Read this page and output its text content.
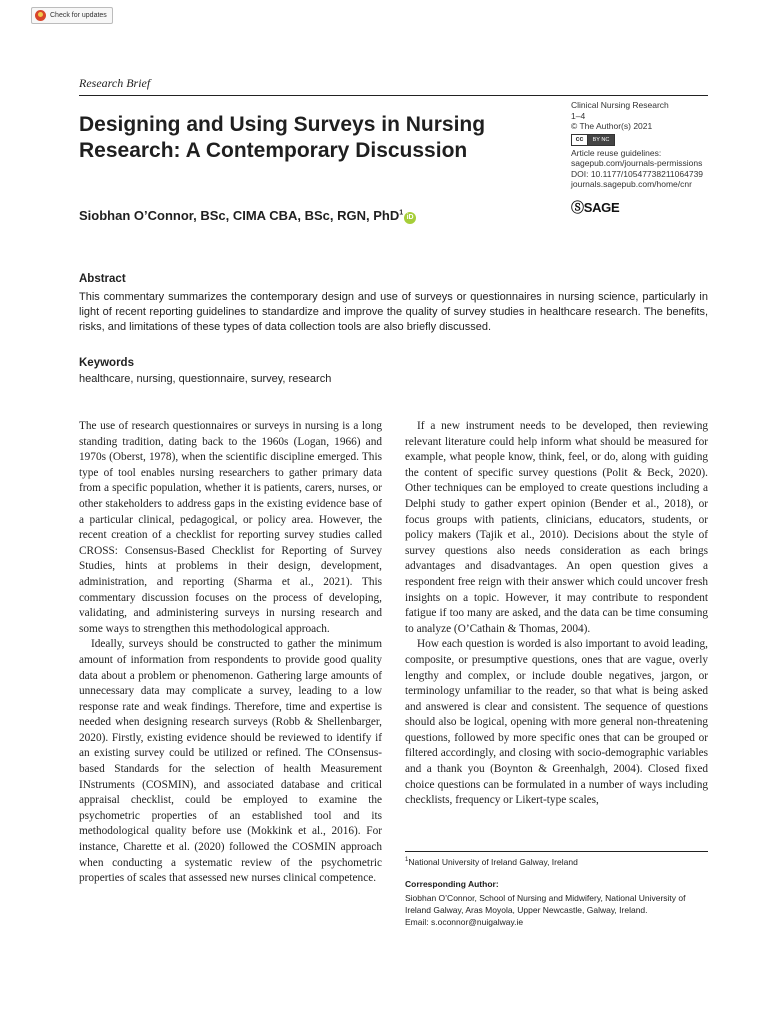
Check for updates
Research Brief
Designing and Using Surveys in Nursing Research: A Contemporary Discussion
Siobhan O’Connor, BSc, CIMA CBA, BSc, RGN, PhD$^1$iD
Clinical Nursing Research
1–4
© The Author(s) 2021
cc	BY NC
Article reuse guidelines:
sagepub.com/journals-permissions
DOI: 10.1177/10547738211064739
journals.sagepub.com/home/cnr
ⓈSAGE
Abstract
This commentary summarizes the contemporary design and use of surveys or questionnaires in nursing science, particularly in light of recent reporting guidelines to standardize and improve the quality of survey studies in healthcare research. The benefits, risks, and limitations of these types of data collection tools are also briefly discussed.
Keywords
healthcare, nursing, questionnaire, survey, research

The use of research questionnaires or surveys in nursing is a long standing tradition, dating back to the 1960s (Logan, 1966) and 1970s (Oberst, 1978), when the scientific discipline emerged. This type of tool enables nursing researchers to gather primary data from a specific population, whether it is patients, carers, nurses, or other stakeholders to address gaps in the existing evidence base of a particular clinical, pedagogical, or policy area. However, the recent creation of a checklist for reporting survey studies called CROSS: Consensus-Based Checklist for Reporting of Survey Studies, hints at problems in their design, development, administration, and reporting (Sharma et al., 2021). This commentary discussion focuses on the process of developing, validating, and administering surveys in nursing research and some ways to strengthen this methodological approach.

Ideally, surveys should be constructed to gather the minimum amount of information from respondents to provide good quality data about a problem or phenomenon. Gathering large amounts of unnecessary data may complicate a survey, leading to a low response rate and weak findings. Therefore, time and expertise is needed when designing research surveys (Robb & Shellenbarger, 2020). Firstly, existing evidence should be reviewed to identify if an existing survey could be utilized or refined. The COnsensus-based Standards for the selection of health Measurement INstruments (COSMIN), and associated database and critical appraisal checklist, could be employed to examine the psychometric properties of an established tool and its methodological quality before use (Mokkink et al., 2016). For instance, Charette et al. (2020) followed the COSMIN approach when conducting a systematic review of the psychometric properties of scales that assessed new nurses clinical competence.

If a new instrument needs to be developed, then reviewing relevant literature could help inform what should be measured for example, what people know, think, feel, or do, along with guiding the content of specific survey questions (Polit & Beck, 2020). Other techniques can be employed to create questions including a Delphi study to gather expert opinion (Bender et al., 2018), or focus groups with patients, clinicians, educators, students, or policy makers (Tajik et al., 2010). Decisions about the style of survey questions also needs consideration as each brings advantages and disadvantages. An open question gives a respondent free reign with their answer which could uncover fresh insights on a topic. However, it may contribute to respondent fatigue if too many are asked, and the data can be time consuming to analyze (O’Cathain & Thomas, 2004).

How each question is worded is also important to avoid leading, composite, or presumptive questions, ones that are vague, overly lengthy and complex, or include double negatives, jargon, or terminology unfamiliar to the reader, so that what is being asked and answered is clear and consistent. The sequence of questions should also be logical, opening with more general non-threatening questions, followed by more specific ones that can be grouped or filtered accordingly, and closing with socio-demographic variables and a thank you (Boynton & Greenhalgh, 2004). Closed fixed choice questions can be formulated in a number of ways including checklists, frequency or Likert-type scales,

$^1$National University of Ireland Galway, Ireland
Corresponding Author:
Siobhan O’Connor, School of Nursing and Midwifery, National University of Ireland Galway, Aras Moyola, Upper Newcastle, Galway, Ireland.
Email: s.oconnor@nuigalway.ie
